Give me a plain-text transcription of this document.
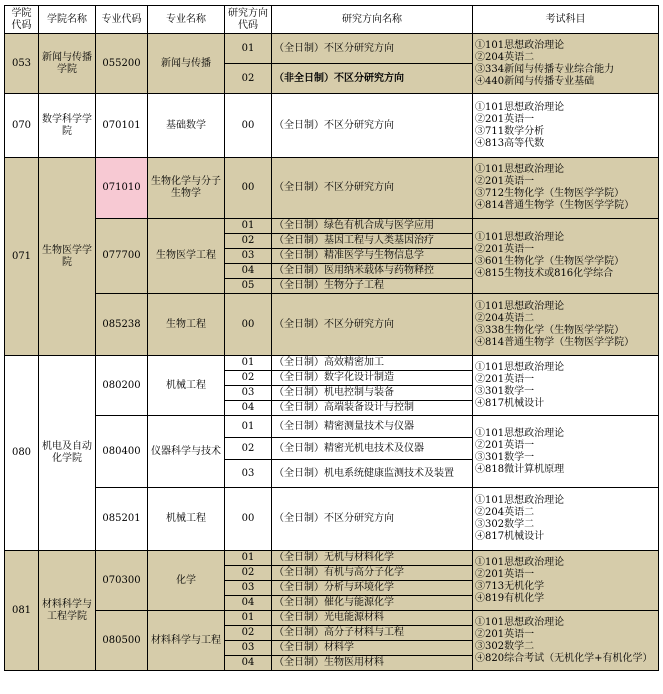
学院代码	学院名称	专业代码	专业名称	研究方向代码	研究方向名称	考试科目
053	新闻与传播学院	055200	新闻与传播	01	（全日制）不区分研究方向	①101思想政治理论
②204英语二
③334新闻与传播专业综合能力
④440新闻与传播专业基础

				02	（非全日制）不区分研究方向	
070	数学科学学院	070101	基础数学	00	（全日制）不区分研究方向	①101思想政治理论
②201英语一
③711数学分析
④813高等代数

071	生物医学学院	071010	生物化学与分子生物学	00	（全日制）不区分研究方向	①101思想政治理论
②201英语一
③712生物化学（生物医学学院）
④814普通生物学（生物医学学院）

		077700	生物医学工程	01	（全日制）绿色有机合成与医学应用	①101思想政治理论
②201英语一
③601生物化学（生物医学学院）
④815生物技术或816化学综合

				02	（全日制）基因工程与人类基因治疗	
				03	（全日制）精准医学与生物信息学	
				04	（全日制）医用纳米载体与药物释控	
				05	（全日制）生物分子工程	
		085238	生物工程	00	（全日制）不区分研究方向	①101思想政治理论
②204英语二
③338生物化学（生物医学学院）
④814普通生物学（生物医学学院）

080	机电及自动化学院	080200	机械工程	01	（全日制）高效精密加工	①101思想政治理论
②201英语一
③301数学一
④817机械设计

				02	（全日制）数字化设计制造	
				03	（全日制）机电控制与装备	
				04	（全日制）高端装备设计与控制	
		080400	仪器科学与技术	01	（全日制）精密测量技术与仪器	①101思想政治理论
②201英语一
③301数学一
④818微计算机原理

				02	（全日制）精密光机电技术及仪器	
				03	（全日制）机电系统健康监测技术及装置	
		085201	机械工程	00	（全日制）不区分研究方向	①101思想政治理论
②204英语二
③302数学二
④817机械设计

081	材料科学与工程学院	070300	化学	01	（全日制）无机与材料化学	①101思想政治理论
②201英语一
③713无机化学
④819有机化学

				02	（全日制）有机与高分子化学	
				03	（全日制）分析与环境化学	
				04	（全日制）催化与能源化学	
		080500	材料科学与工程	01	（全日制）光电能源材料	①101思想政治理论
②201英语一
③302数学二
④820综合考试（无机化学+有机化学）

				02	（全日制）高分子材料与工程	
				03	（全日制）材料学	
				04	（全日制）生物医用材料	
